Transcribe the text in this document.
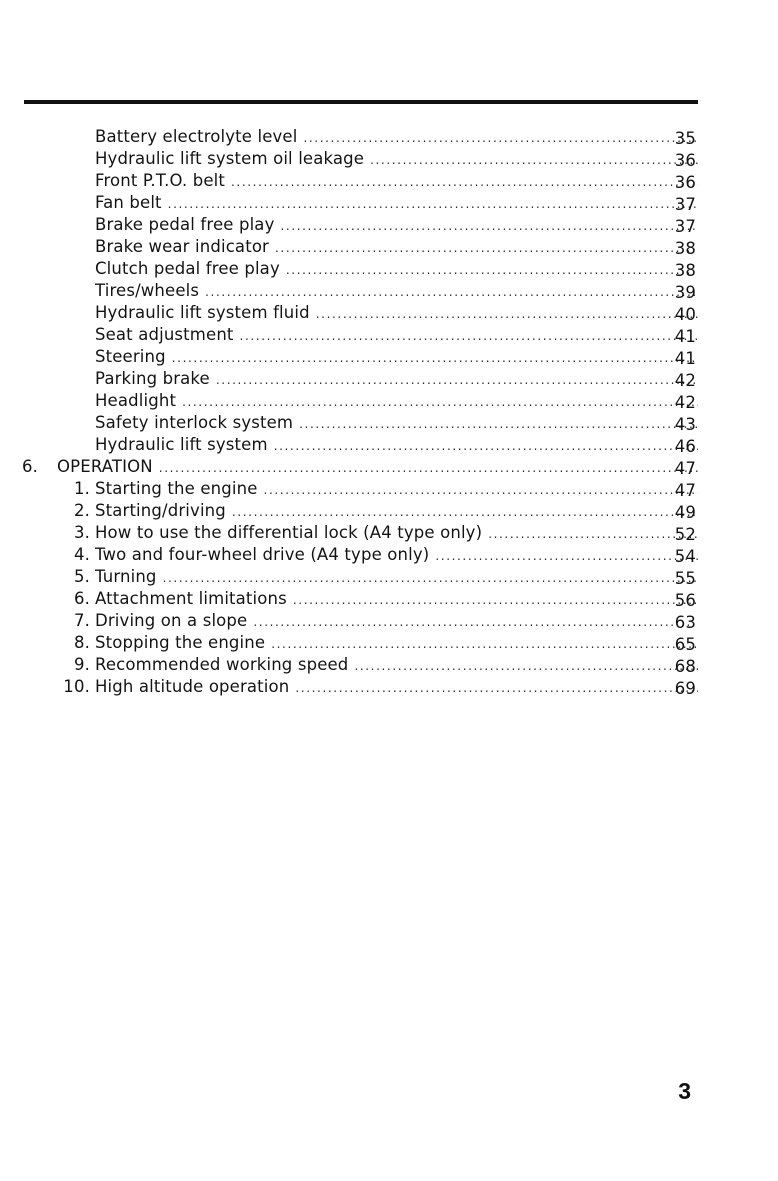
Battery electrolyte level .....	35
Hydraulic lift system oil leakage .....	36
Front P.T.O. belt .....	36
Fan belt .....	37
Brake pedal free play .....	37
Brake wear indicator .....	38
Clutch pedal free play .....	38
Tires/wheels .....	39
Hydraulic lift system fluid .....	40
Seat adjustment .....	41
Steering .....	41
Parking brake .....	42
Headlight .....	42
Safety interlock system .....	43
Hydraulic lift system .....	46
6. OPERATION .....	47
1. Starting the engine .....	47
2. Starting/driving .....	49
3. How to use the differential lock (A4 type only) .....	52
4. Two and four-wheel drive (A4 type only) .....	54
5. Turning .....	55
6. Attachment limitations .....	56
7. Driving on a slope .....	63
8. Stopping the engine .....	65
9. Recommended working speed .....	68
10. High altitude operation .....	69
3
